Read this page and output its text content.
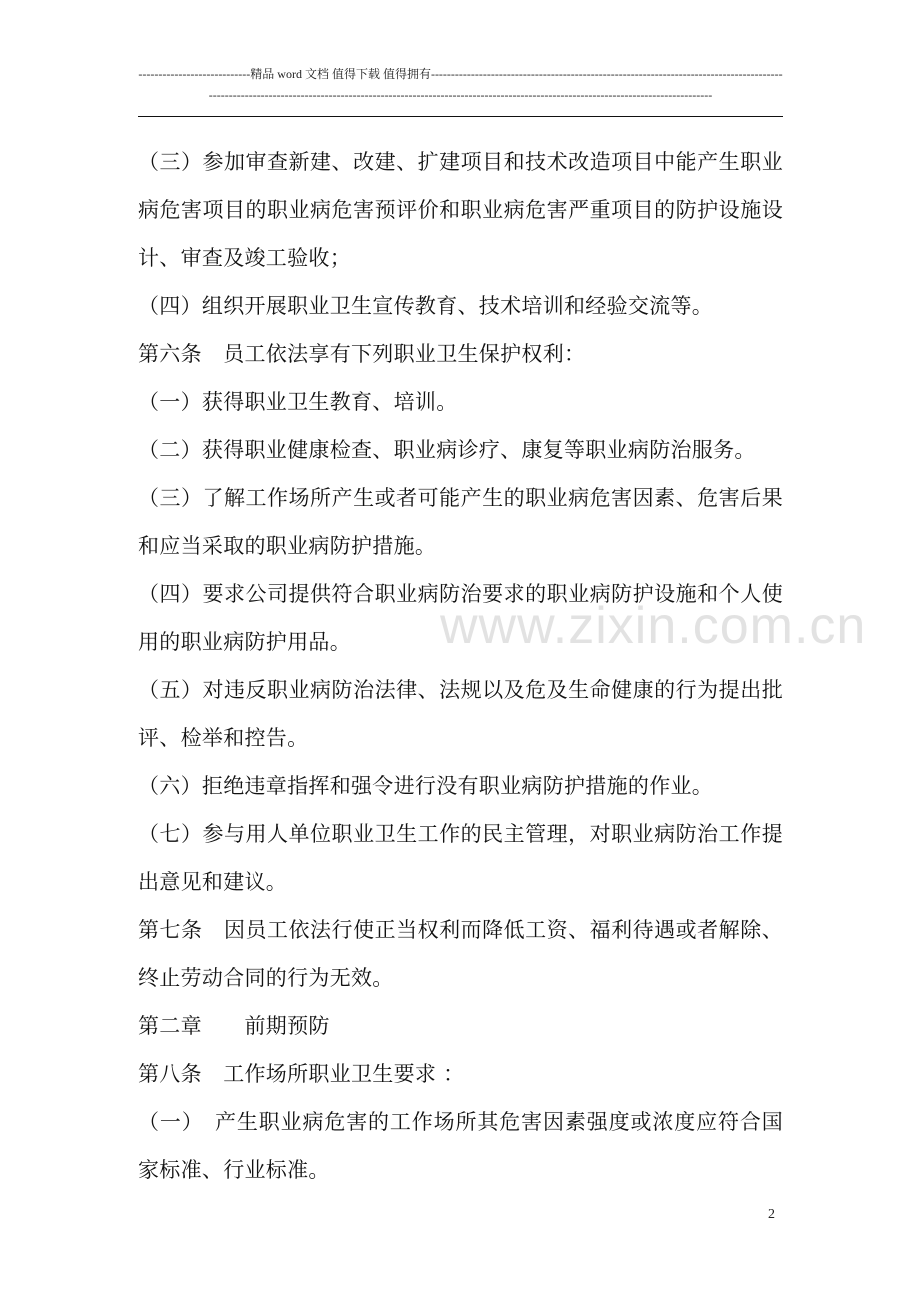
----------------------------精品 word 文档 值得下载 值得拥有----------------------------------------------------------------------------------------------------------------------------------------------------------------------------------------------------------------------

（三）参加审查新建、改建、扩建项目和技术改造项目中能产生职业病危害项目的职业病危害预评价和职业病危害严重项目的防护设施设计、审查及竣工验收；

（四）组织开展职业卫生宣传教育、技术培训和经验交流等。

第六条　员工依法享有下列职业卫生保护权利：

（一）获得职业卫生教育、培训。

（二）获得职业健康检查、职业病诊疗、康复等职业病防治服务。

（三）了解工作场所产生或者可能产生的职业病危害因素、危害后果和应当采取的职业病防护措施。

（四）要求公司提供符合职业病防治要求的职业病防护设施和个人使用的职业病防护用品。

（五）对违反职业病防治法律、法规以及危及生命健康的行为提出批评、检举和控告。

（六）拒绝违章指挥和强令进行没有职业病防护措施的作业。

（七）参与用人单位职业卫生工作的民主管理，对职业病防治工作提出意见和建议。

第七条　因员工依法行使正当权利而降低工资、福利待遇或者解除、终止劳动合同的行为无效。

第二章　　前期预防

第八条　工作场所职业卫生要求 ：

（一）　产生职业病危害的工作场所其危害因素强度或浓度应符合国家标准、行业标准。

www.zixin.com.cn
2
